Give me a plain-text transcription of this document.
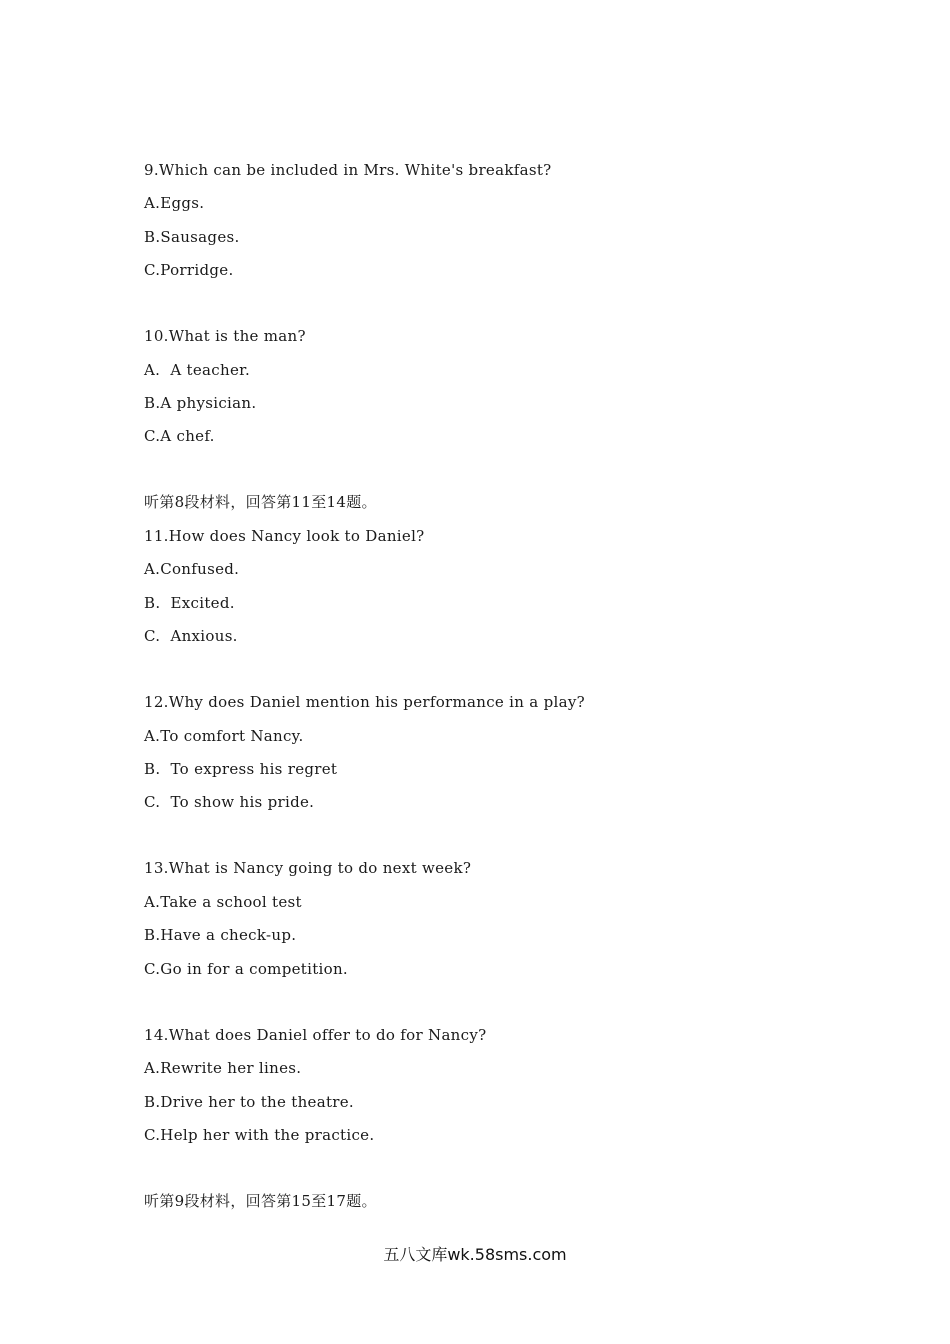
9.Which can be included in Mrs. White's breakfast?
A.Eggs.
B.Sausages.
C.Porridge.
10.What is the man?
A.  A teacher.
B.A physician.
C.A chef.
听第8段材料，回答第11至14题。
11.How does Nancy look to Daniel?
A.Confused.
B.  Excited.
C.  Anxious.
12.Why does Daniel mention his performance in a play?
A.To comfort Nancy.
B.  To express his regret
C.  To show his pride.
13.What is Nancy going to do next week?
A.Take a school test
B.Have a check-up.
C.Go in for a competition.
14.What does Daniel offer to do for Nancy?
A.Rewrite her lines.
B.Drive her to the theatre.
C.Help her with the practice.
听第9段材料，回答第15至17题。
五八文库wk.58sms.com
